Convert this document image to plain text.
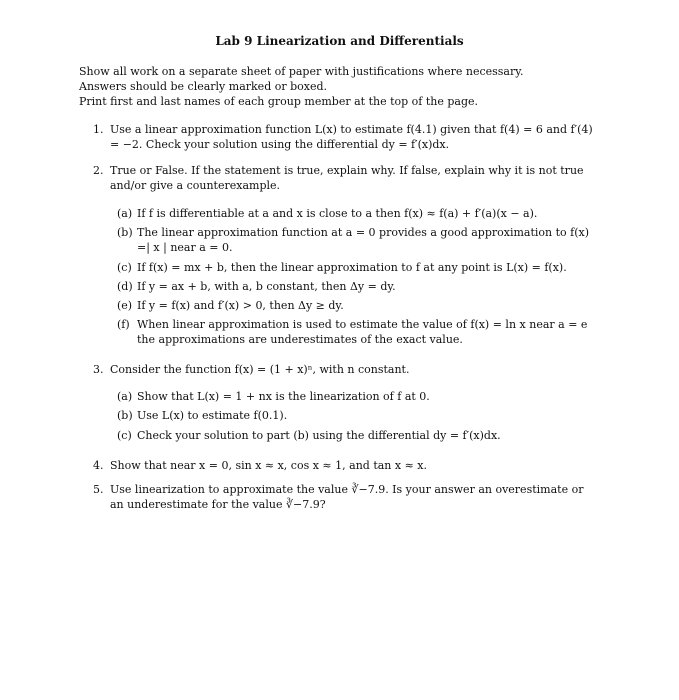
Lab 9 Linearization and Differentials
Show all work on a separate sheet of paper with justifications where necessary.
Answers should be clearly marked or boxed.
Print first and last names of each group member at the top of the page.
1. Use a linear approximation function L(x) to estimate f(4.1) given that f(4) = 6 and f′(4) = −2. Check your solution using the differential dy = f′(x)dx.
2. True or False. If the statement is true, explain why. If false, explain why it is not true and/or give a counterexample.
(a) If f is differentiable at a and x is close to a then f(x) ≈ f(a) + f′(a)(x − a).
(b) The linear approximation function at a = 0 provides a good approximation to f(x) =| x | near a = 0.
(c) If f(x) = mx + b, then the linear approximation to f at any point is L(x) = f(x).
(d) If y = ax + b, with a, b constant, then Δy = dy.
(e) If y = f(x) and f′(x) > 0, then Δy ≥ dy.
(f) When linear approximation is used to estimate the value of f(x) = ln x near a = e the approximations are underestimates of the exact value.
3. Consider the function f(x) = (1 + x)ⁿ, with n constant.
(a) Show that L(x) = 1 + nx is the linearization of f at 0.
(b) Use L(x) to estimate f(0.1).
(c) Check your solution to part (b) using the differential dy = f′(x)dx.
4. Show that near x = 0, sin x ≈ x, cos x ≈ 1, and tan x ≈ x.
5. Use linearization to approximate the value ∛−7.9. Is your answer an overestimate or an underestimate for the value ∛−7.9?
